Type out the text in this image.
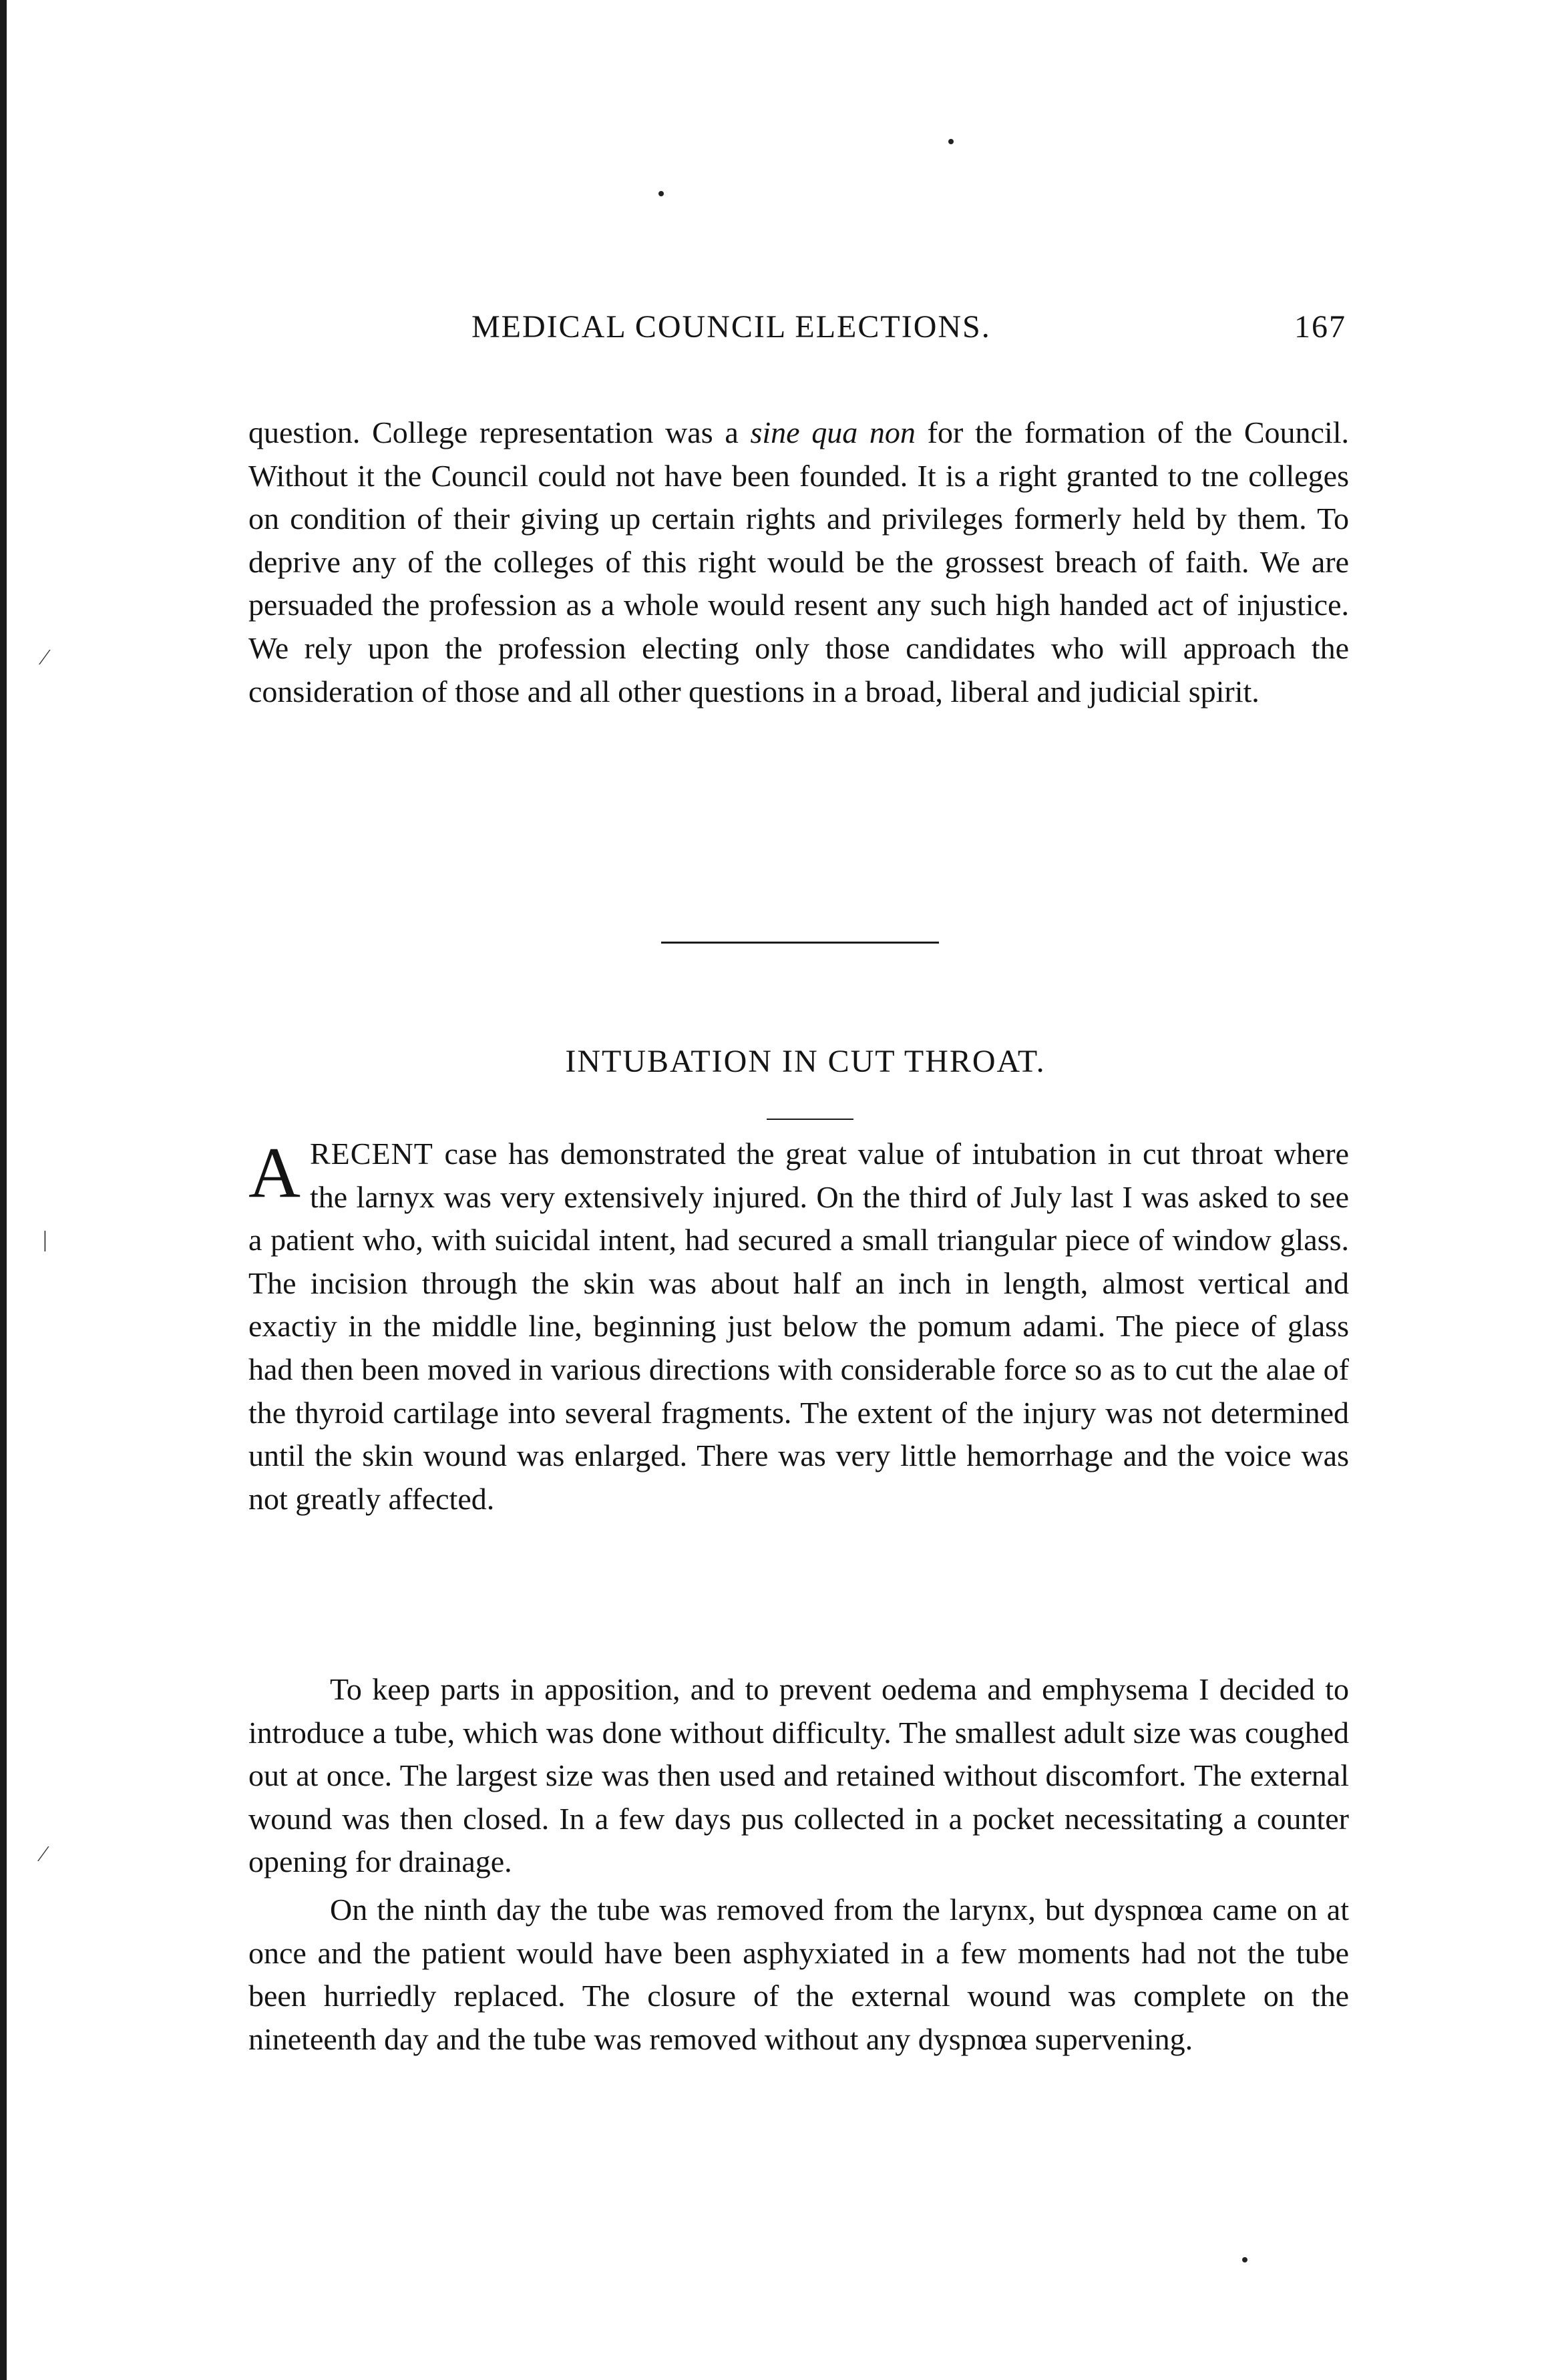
⁄
|
⁄
MEDICAL COUNCIL ELECTIONS.	167
question. College representation was a sine qua non for the formation of the Council. Without it the Council could not have been founded. It is a right granted to tne colleges on condition of their giving up certain rights and privileges formerly held by them. To deprive any of the colleges of this right would be the grossest breach of faith. We are persuaded the profession as a whole would resent any such high handed act of injustice. We rely upon the profession electing only those candidates who will approach the consideration of those and all other questions in a broad, liberal and judicial spirit.
INTUBATION IN CUT THROAT.
ARECENT case has demonstrated the great value of intubation in cut throat where the larnyx was very extensively injured. On the third of July last I was asked to see a patient who, with suicidal intent, had secured a small triangular piece of window glass. The incision through the skin was about half an inch in length, almost vertical and exactiy in the middle line, beginning just below the pomum adami. The piece of glass had then been moved in various directions with considerable force so as to cut the alae of the thyroid cartilage into several fragments. The extent of the injury was not determined until the skin wound was enlarged. There was very little hemorrhage and the voice was not greatly affected.
To keep parts in apposition, and to prevent oedema and emphysema I decided to introduce a tube, which was done without difficulty. The smallest adult size was coughed out at once. The largest size was then used and retained without discomfort. The external wound was then closed. In a few days pus collected in a pocket necessitating a counter opening for drainage.
On the ninth day the tube was removed from the larynx, but dyspnœa came on at once and the patient would have been asphyxiated in a few moments had not the tube been hurriedly replaced. The closure of the external wound was complete on the nineteenth day and the tube was removed without any dyspnœa supervening.
